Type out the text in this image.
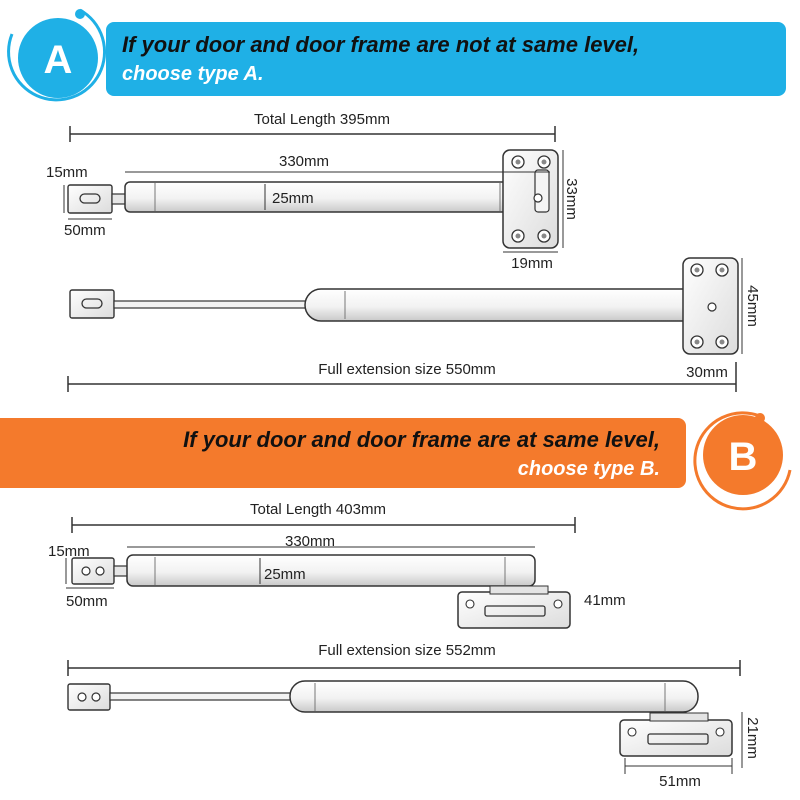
If your door and door frame are not at same level,
choose type A.
A
Total Length 395mm
15mm
50mm
330mm
25mm	33mm
19mm
45mm
Full extension size 550mm	30mm
If your door and door frame are at same level,
choose type B. B
Total Length 403mm
15mm
50mm
330mm
25mm
41mm
Full extension size 552mm
21mm
51mm
